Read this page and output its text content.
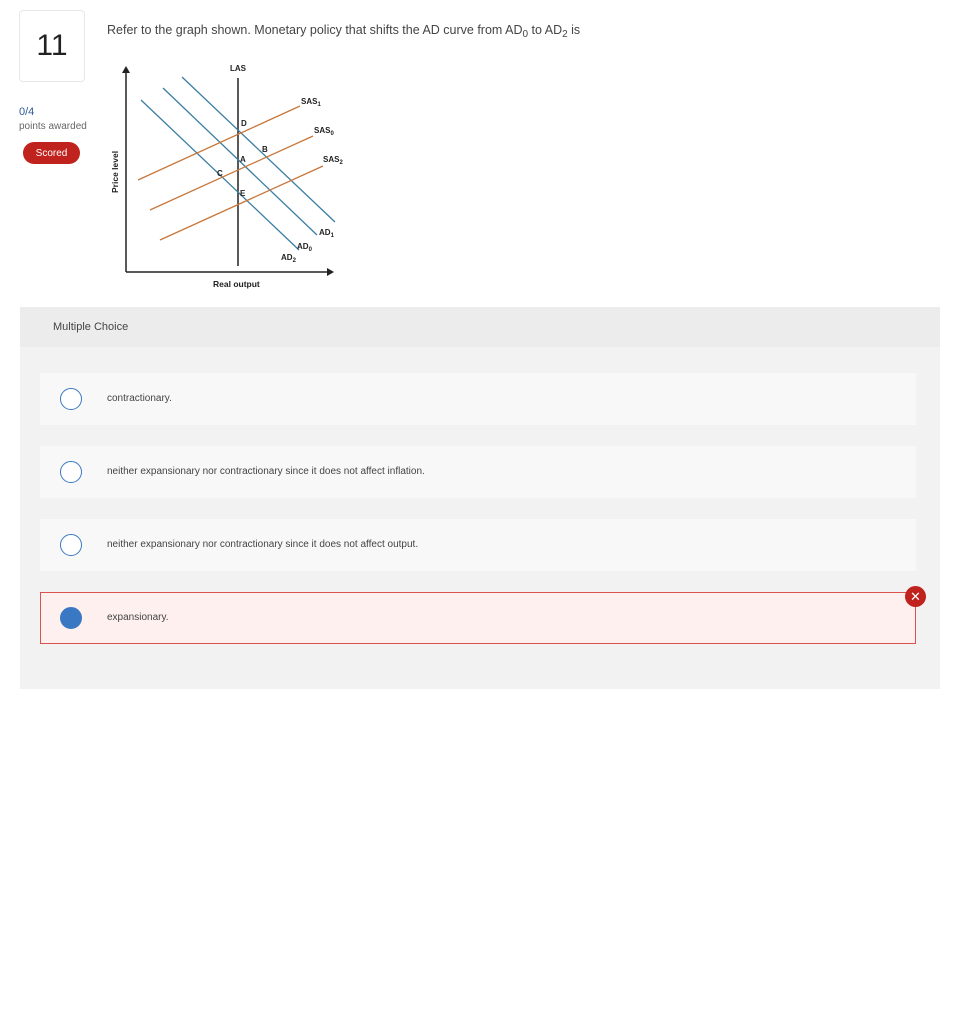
11
0/4
points awarded
Scored
Refer to the graph shown. Monetary policy that shifts the AD curve from $AD_0$ to $AD_2$ is
Price level
Real output
LAS
$SAS_1$
$SAS_0$
$SAS_2$
$AD_1$
$AD_0$
$AD_2$
D
B
A
C
E
Multiple Choice
contractionary.
neither expansionary nor contractionary since it does not affect inflation.
neither expansionary nor contractionary since it does not affect output.
expansionary.
✕
